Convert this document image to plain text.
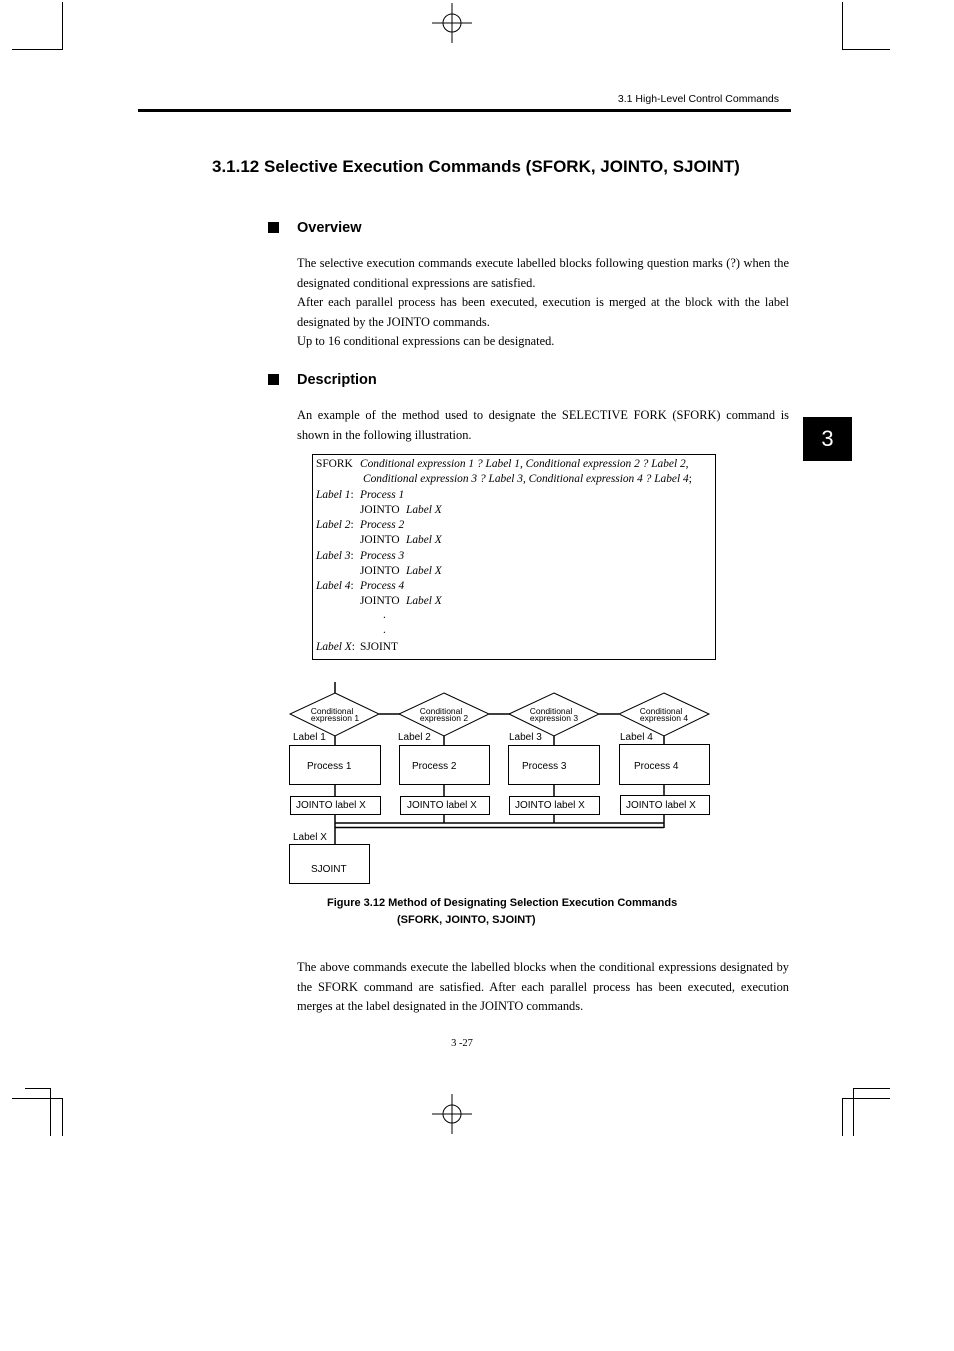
3.1 High-Level Control Commands
3.1.12 Selective Execution Commands (SFORK, JOINTO, SJOINT)
3
Overview

The selective execution commands execute labelled blocks following question marks (?) when the designated conditional expressions are satisfied.

After each parallel process has been executed, execution is merged at the block with the label designated by the JOINTO commands.

Up to 16 conditional expressions can be designated.

Description

An example of the method used to designate the SELECTIVE FORK (SFORK) command is shown in the following illustration.

SFORK Conditional expression 1 ? Label 1, Conditional expression 2 ? Label 2,
Conditional expression 3 ? Label 3, Conditional expression 4 ? Label 4;
Label 1: Process 1
JOINTO Label X
Label 2: Process 2
JOINTO Label X
Label 3: Process 3
JOINTO Label X
Label 4: Process 4
JOINTO Label X
.
.
Label X: SJOINT
Conditional
expression 1
Label 1
Process 1
JOINTO label X
Conditional
expression 2
Label 2
Process 2
JOINTO label X
Conditional
expression 3
Label 3
Process 3
JOINTO label X
Conditional
expression 4
Label 4
Process 4
JOINTO label X
Label X
SJOINT
Figure 3.12 Method of Designating Selection Execution Commands
(SFORK, JOINTO, SJOINT)

The above commands execute the labelled blocks when the conditional expressions designated by the SFORK command are satisfied. After each parallel process has been executed, execution merges at the label designated in the JOINTO commands.

3 -27
